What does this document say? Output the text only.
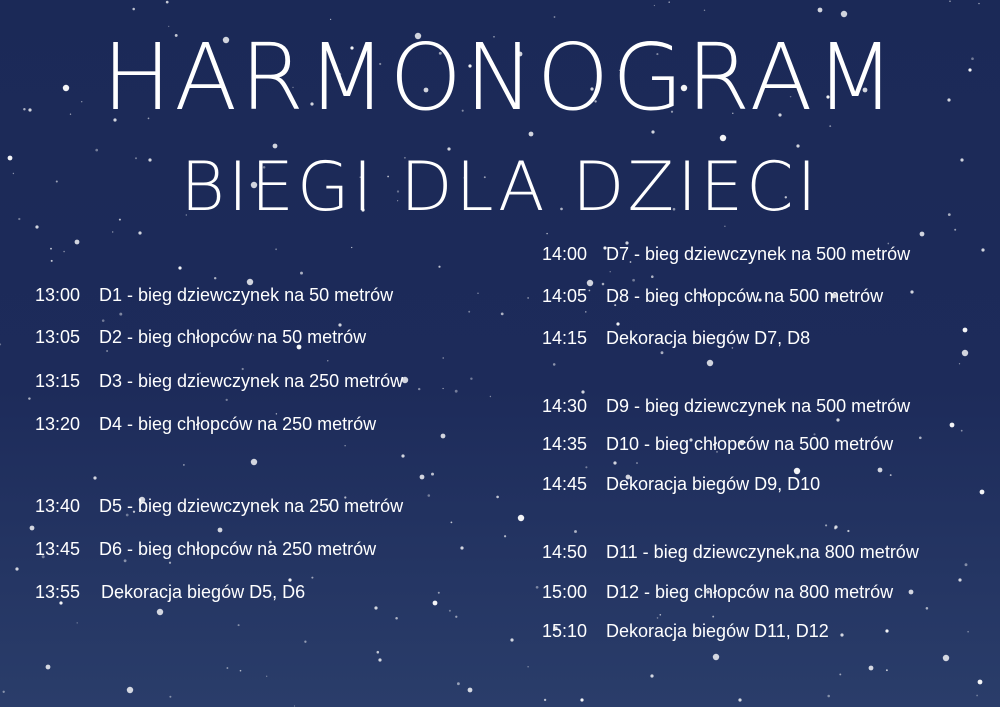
HARMONOGRAM
BIEGI DLA DZIECI
13:00 D1 - bieg dziewczynek na 50 metrów
13:05 D2 - bieg chłopców na 50 metrów
13:15 D3 - bieg dziewczynek na 250 metrów
13:20 D4 - bieg chłopców na 250 metrów
13:40 D5 - bieg dziewczynek na 250 metrów
13:45 D6 - bieg chłopców na 250 metrów
13:55 Dekoracja biegów D5, D6
14:00 D7 - bieg dziewczynek na 500 metrów
14:05 D8 - bieg chłopców na 500 metrów
14:15 Dekoracja biegów D7, D8
14:30 D9 - bieg dziewczynek na 500 metrów
14:35 D10 - bieg chłopców na 500 metrów
14:45 Dekoracja biegów D9, D10
14:50 D11 - bieg dziewczynek na 800 metrów
15:00 D12 - bieg chłopców na 800 metrów
15:10 Dekoracja biegów D11, D12
